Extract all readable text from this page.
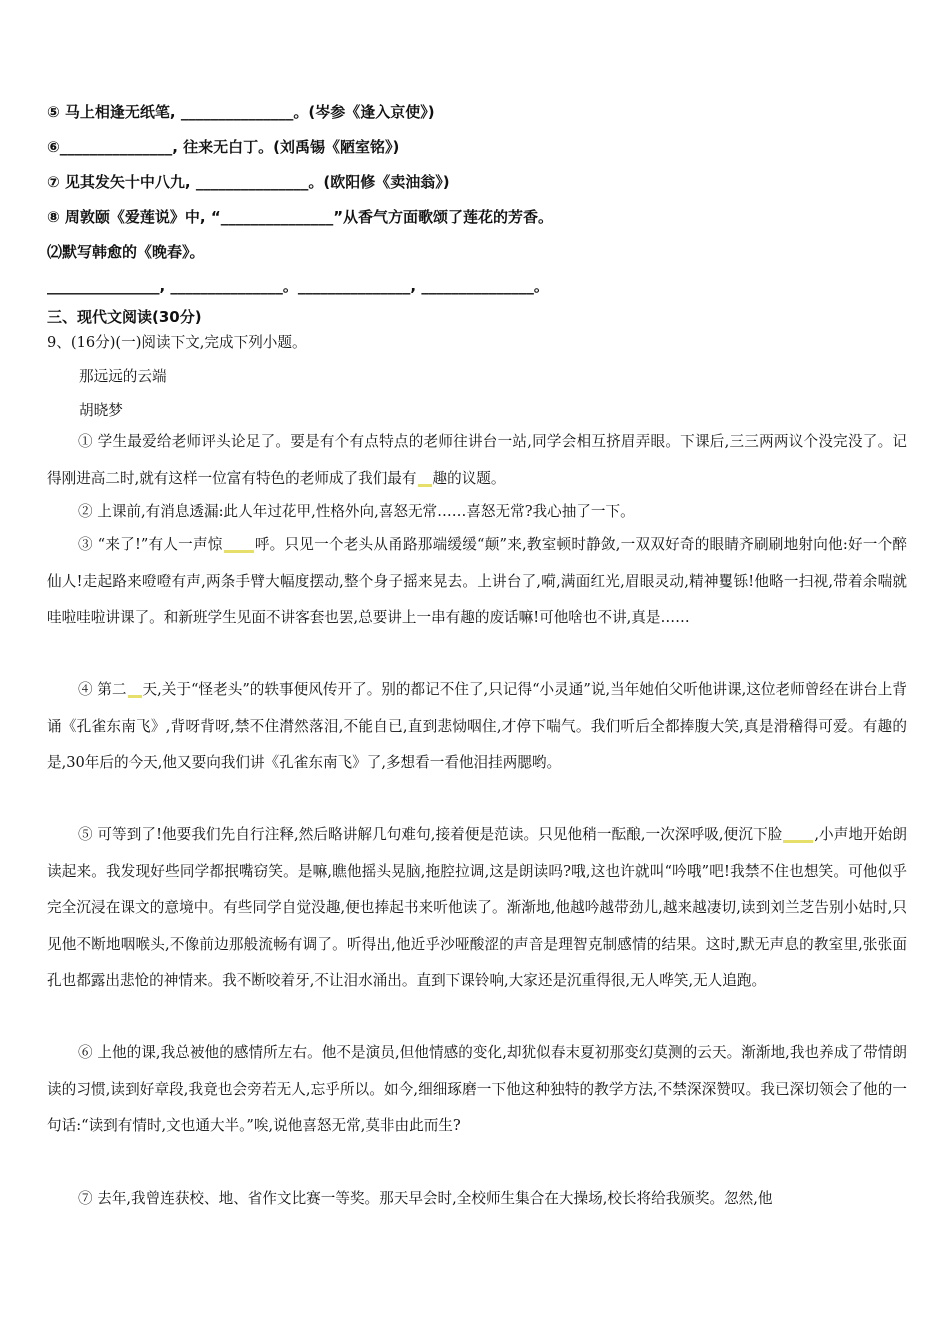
⑤ 马上相逢无纸笔, _______________。(岑参《逢入京使》)
⑥_______________, 往来无白丁。(刘禹锡《陋室铭》)
⑦ 见其发矢十中八九, _______________。(欧阳修《卖油翁》)
⑧ 周敦颐《爱莲说》中, “_______________”从香气方面歌颂了莲花的芳香。
⑵默写韩愈的《晚春》。
_______________, _______________。_______________, _______________。
三、现代文阅读(30分)
9、(16分)(一)阅读下文,完成下列小题。
那远远的云端
胡晓梦

① 学生最爱给老师评头论足了。要是有个有点特点的老师往讲台一站,同学会相互挤眉弄眼。下课后,三三两两议个没完没了。记得刚进高二时,就有这样一位富有特色的老师成了我们最有 趣的议题。

② 上课前,有消息透漏:此人年过花甲,性格外向,喜怒无常……喜怒无常?我心抽了一下。

③ “来了!”有人一声惊 呼。只见一个老头从甬路那端缓缓“颠”来,教室顿时静敛,一双双好奇的眼睛齐刷刷地射向他:好一个醉仙人!走起路来噔噔有声,两条手臂大幅度摆动,整个身子摇来晃去。上讲台了,嗬,满面红光,眉眼灵动,精神矍铄!他略一扫视,带着余喘就哇啦哇啦讲课了。和新班学生见面不讲客套也罢,总要讲上一串有趣的废话嘛!可他啥也不讲,真是……

④ 第二 天,关于“怪老头”的轶事便风传开了。别的都记不住了,只记得“小灵通”说,当年她伯父听他讲课,这位老师曾经在讲台上背诵《孔雀东南飞》,背呀背呀,禁不住潸然落泪,不能自已,直到悲恸咽住,才停下喘气。我们听后全都捧腹大笑,真是滑稽得可爱。有趣的是,30年后的今天,他又要向我们讲《孔雀东南飞》了,多想看一看他泪挂两腮哟。

⑤ 可等到了!他要我们先自行注释,然后略讲解几句难句,接着便是范读。只见他稍一酝酿,一次深呼吸,便沉下脸 ,小声地开始朗读起来。我发现好些同学都抿嘴窃笑。是嘛,瞧他摇头晃脑,拖腔拉调,这是朗读吗?哦,这也许就叫“吟哦”吧!我禁不住也想笑。可他似乎完全沉浸在课文的意境中。有些同学自觉没趣,便也捧起书来听他读了。渐渐地,他越吟越带劲儿,越来越凄切,读到刘兰芝告别小姑时,只见他不断地咽喉头,不像前边那般流畅有调了。听得出,他近乎沙哑酸涩的声音是理智克制感情的结果。这时,默无声息的教室里,张张面孔也都露出悲怆的神情来。我不断咬着牙,不让泪水涌出。直到下课铃响,大家还是沉重得很,无人哗笑,无人追跑。

⑥ 上他的课,我总被他的感情所左右。他不是演员,但他情感的变化,却犹似春末夏初那变幻莫测的云天。渐渐地,我也养成了带情朗读的习惯,读到好章段,我竟也会旁若无人,忘乎所以。如今,细细琢磨一下他这种独特的教学方法,不禁深深赞叹。我已深切领会了他的一句话:“读到有情时,文也通大半。”唉,说他喜怒无常,莫非由此而生?

⑦ 去年,我曾连获校、地、省作文比赛一等奖。那天早会时,全校师生集合在大操场,校长将给我颁奖。忽然,他
